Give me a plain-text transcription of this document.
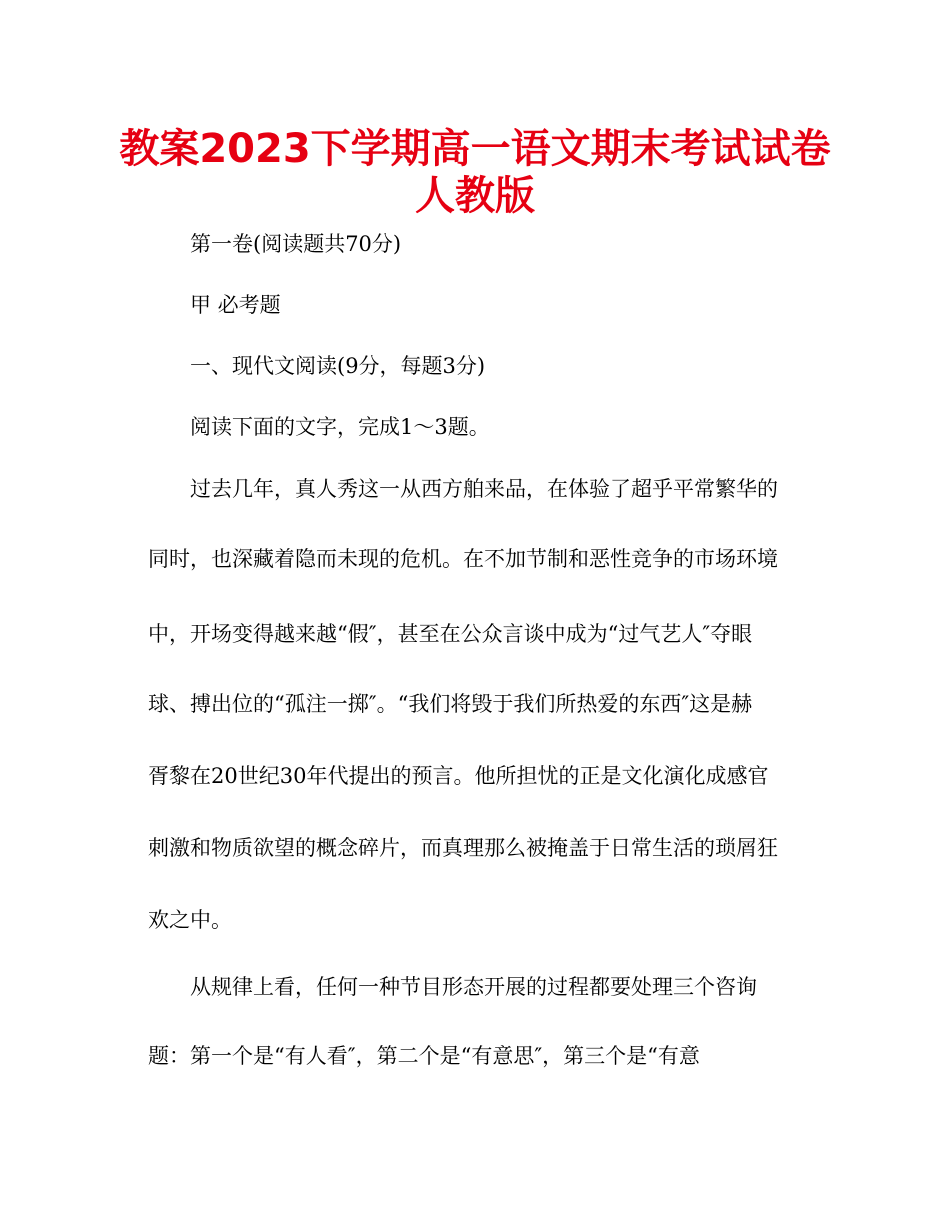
教案2023下学期高一语文期末考试试卷
人教版
第一卷(阅读题共70分)
甲 必考题
一、现代文阅读(9分，每题3分)
阅读下面的文字，完成1～3题。
过去几年，真人秀这一从西方舶来品，在体验了超乎平常繁华的
同时，也深藏着隐而未现的危机。在不加节制和恶性竞争的市场环境
中，开场变得越来越“假″，甚至在公众言谈中成为“过气艺人″夺眼
球、搏出位的“孤注一掷″。“我们将毁于我们所热爱的东西″这是赫
胥黎在20世纪30年代提出的预言。他所担忧的正是文化演化成感官
刺激和物质欲望的概念碎片，而真理那么被掩盖于日常生活的琐屑狂
欢之中。
从规律上看，任何一种节目形态开展的过程都要处理三个咨询
题：第一个是“有人看″，第二个是“有意思″，第三个是“有意
